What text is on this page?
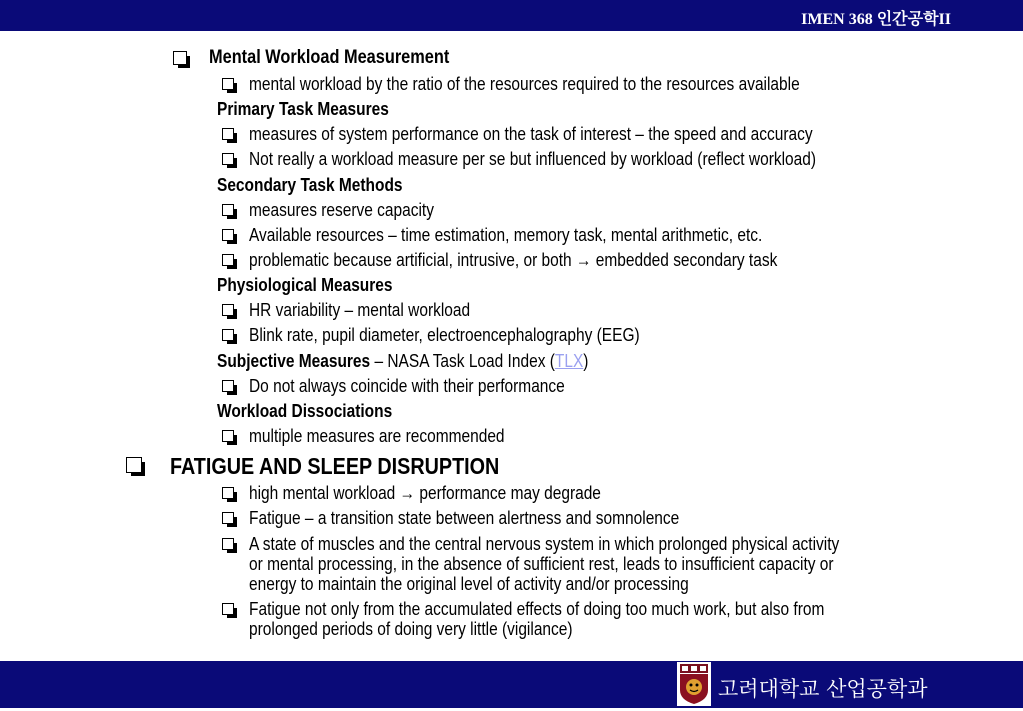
IMEN 368 인간공학II
Mental Workload Measurement
mental workload by the ratio of the resources required to the resources available
Primary Task Measures
measures of system performance on the task of interest – the speed and accuracy
Not really a workload measure per se but influenced by workload (reflect workload)
Secondary Task Methods
measures reserve capacity
Available resources – time estimation, memory task, mental arithmetic, etc.
problematic because artificial, intrusive, or both → embedded secondary task
Physiological Measures
HR variability – mental workload
Blink rate, pupil diameter, electroencephalography (EEG)
Subjective Measures – NASA Task Load Index (TLX)
Do not always coincide with their performance
Workload Dissociations
multiple measures are recommended
FATIGUE AND SLEEP DISRUPTION
high mental workload → performance may degrade
Fatigue – a transition state between alertness and somnolence
A state of muscles and the central nervous system in which prolonged physical activity
or mental processing, in the absence of sufficient rest, leads to insufficient capacity or
energy to maintain the original level of activity and/or processing
Fatigue not only from the accumulated effects of doing too much work, but also from
prolonged periods of doing very little (vigilance)
고려대학교 산업공학과
